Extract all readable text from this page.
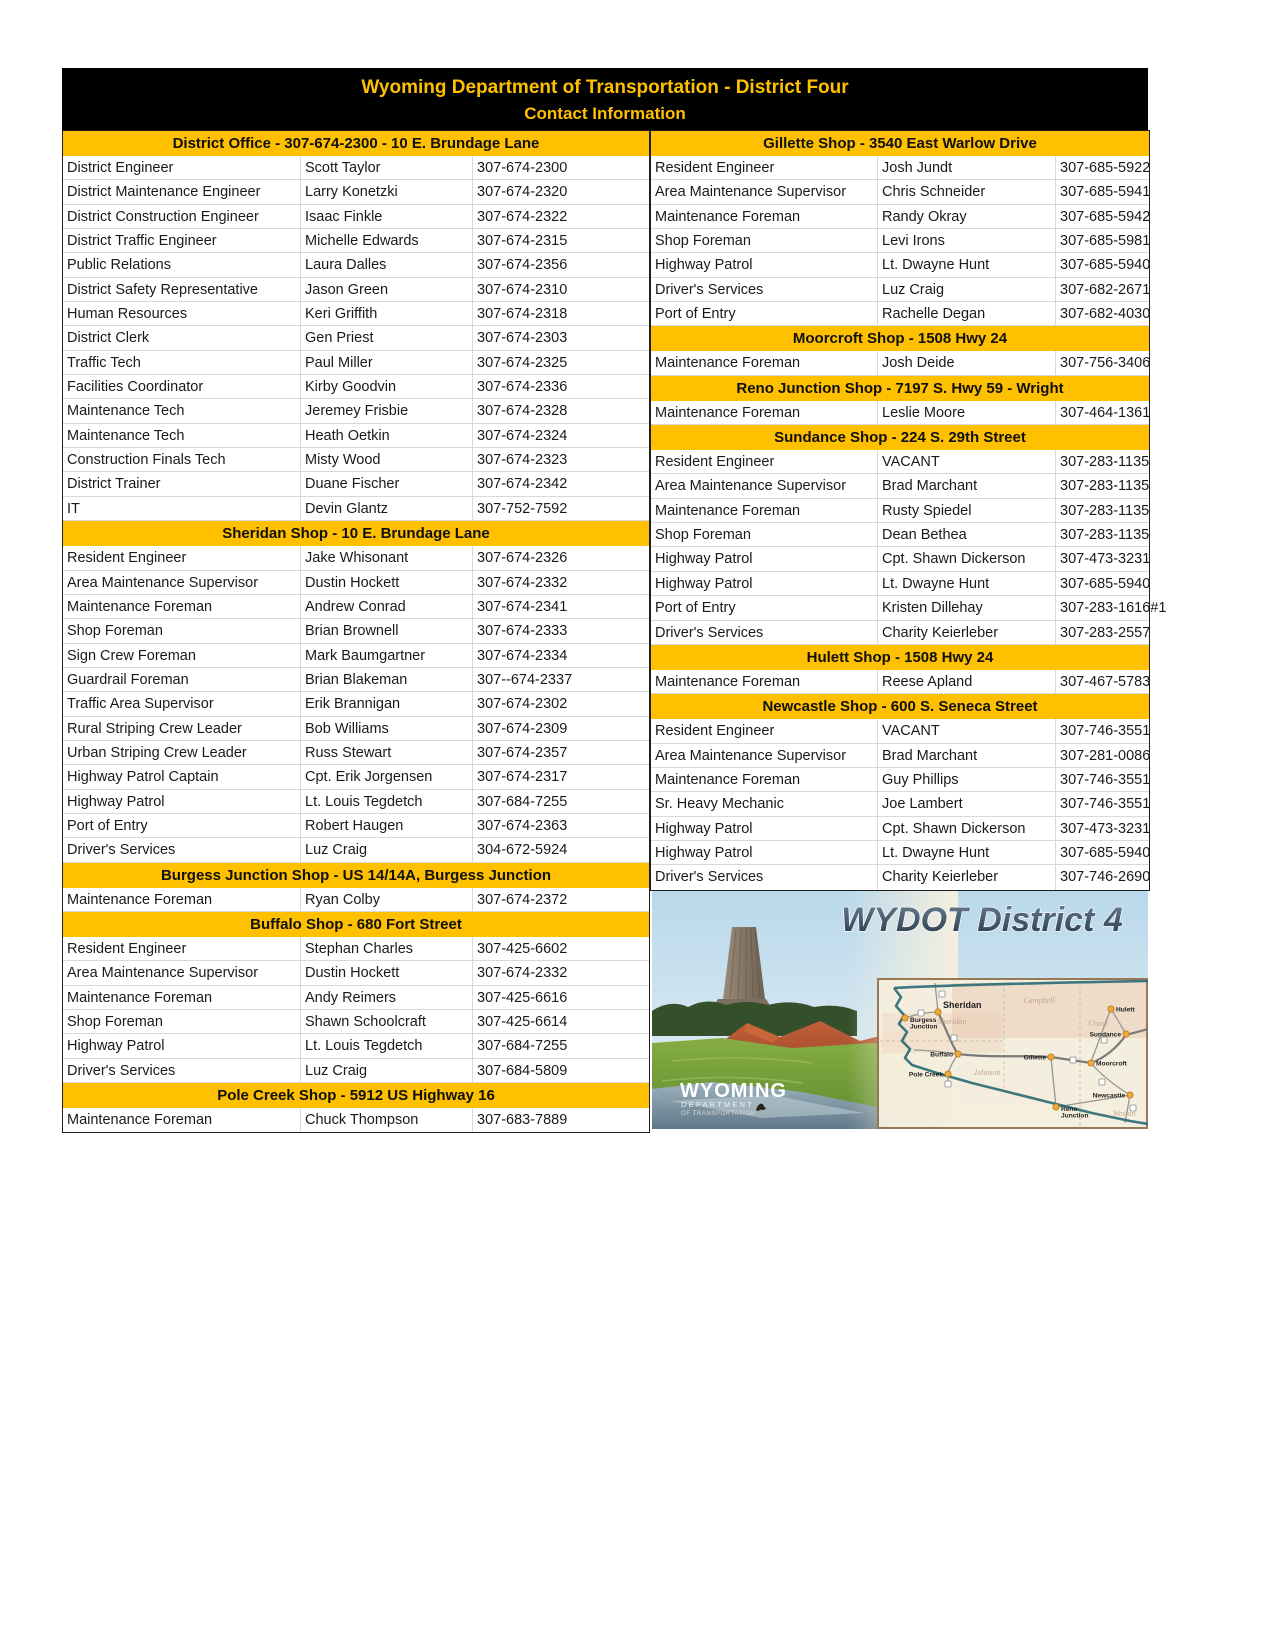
Wyoming Department of Transportation - District Four
Contact Information
District Office - 307-674-2300 - 10 E. Brundage Lane
District Engineer	Scott Taylor	307-674-2300
District Maintenance Engineer	Larry Konetzki	307-674-2320
District Construction Engineer	Isaac Finkle	307-674-2322
District Traffic Engineer	Michelle Edwards	307-674-2315
Public Relations	Laura Dalles	307-674-2356
District Safety Representative	Jason Green	307-674-2310
Human Resources	Keri Griffith	307-674-2318
District Clerk	Gen Priest	307-674-2303
Traffic Tech	Paul Miller	307-674-2325
Facilities Coordinator	Kirby Goodvin	307-674-2336
Maintenance Tech	Jeremey Frisbie	307-674-2328
Maintenance Tech	Heath Oetkin	307-674-2324
Construction Finals Tech	Misty Wood	307-674-2323
District Trainer	Duane Fischer	307-674-2342
IT	Devin Glantz	307-752-7592
Sheridan Shop - 10 E. Brundage Lane
Resident Engineer	Jake Whisonant	307-674-2326
Area Maintenance Supervisor	Dustin Hockett	307-674-2332
Maintenance Foreman	Andrew Conrad	307-674-2341
Shop Foreman	Brian Brownell	307-674-2333
Sign Crew Foreman	Mark Baumgartner	307-674-2334
Guardrail Foreman	Brian Blakeman	307--674-2337
Traffic Area Supervisor	Erik Brannigan	307-674-2302
Rural Striping Crew Leader	Bob Williams	307-674-2309
Urban Striping Crew Leader	Russ Stewart	307-674-2357
Highway Patrol Captain	Cpt. Erik Jorgensen	307-674-2317
Highway Patrol	Lt. Louis Tegdetch	307-684-7255
Port of Entry	Robert Haugen	307-674-2363
Driver's Services	Luz Craig	304-672-5924
Burgess Junction Shop - US 14/14A, Burgess Junction
Maintenance Foreman	Ryan Colby	307-674-2372
Buffalo Shop - 680 Fort Street
Resident Engineer	Stephan Charles	307-425-6602
Area Maintenance Supervisor	Dustin Hockett	307-674-2332
Maintenance Foreman	Andy Reimers	307-425-6616
Shop Foreman	Shawn Schoolcraft	307-425-6614
Highway Patrol	Lt. Louis Tegdetch	307-684-7255
Driver's Services	Luz Craig	307-684-5809
Pole Creek Shop - 5912 US Highway 16
Maintenance Foreman	Chuck Thompson	307-683-7889
Gillette Shop - 3540 East Warlow Drive
Resident Engineer	Josh Jundt	307-685-5922
Area Maintenance Supervisor	Chris Schneider	307-685-5941
Maintenance Foreman	Randy Okray	307-685-5942
Shop Foreman	Levi Irons	307-685-5981
Highway Patrol	Lt. Dwayne Hunt	307-685-5940
Driver's Services	Luz Craig	307-682-2671
Port of Entry	Rachelle Degan	307-682-4030
Moorcroft Shop - 1508 Hwy 24
Maintenance Foreman	Josh Deide	307-756-3406
Reno Junction Shop - 7197 S. Hwy 59 - Wright
Maintenance Foreman	Leslie Moore	307-464-1361
Sundance Shop - 224 S. 29th Street
Resident Engineer	VACANT	307-283-1135
Area Maintenance Supervisor	Brad Marchant	307-283-1135
Maintenance Foreman	Rusty Spiedel	307-283-1135
Shop Foreman	Dean Bethea	307-283-1135
Highway Patrol	Cpt. Shawn Dickerson	307-473-3231
Highway Patrol	Lt. Dwayne Hunt	307-685-5940
Port of Entry	Kristen Dillehay	307-283-1616#1
Driver's Services	Charity Keierleber	307-283-2557
Hulett Shop - 1508 Hwy 24
Maintenance Foreman	Reese Apland	307-467-5783
Newcastle Shop - 600 S. Seneca Street
Resident Engineer	VACANT	307-746-3551
Area Maintenance Supervisor	Brad Marchant	307-281-0086
Maintenance Foreman	Guy Phillips	307-746-3551
Sr. Heavy Mechanic	Joe Lambert	307-746-3551
Highway Patrol	Cpt. Shawn Dickerson	307-473-3231
Highway Patrol	Lt. Dwayne Hunt	307-685-5940
Driver's Services	Charity Keierleber	307-746-2690
Campbell
Sheridan	Crook
Johnson
Weston
Sheridan
Burgess Junction
Buffalo
Pole Creek
Gillette
Moorcroft
Sundance
Hulett
Newcastle
Reno Junction
WYDOT District 4
WYOMING
DEPARTMENT
OF TRANSPORTATION
